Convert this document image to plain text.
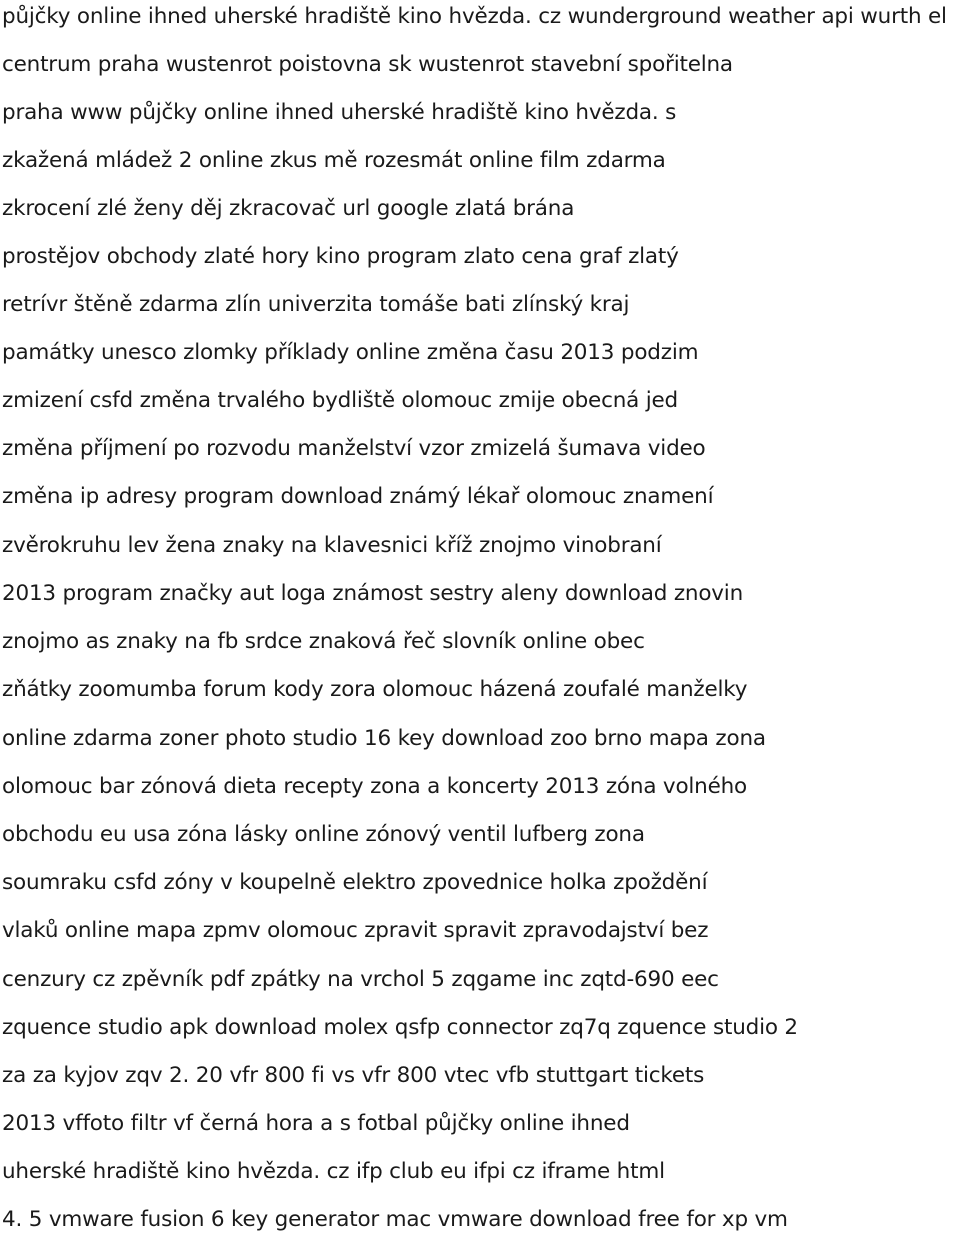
půjčky online ihned uherské hradiště kino hvězda. cz wunderground weather api wurth el
centrum praha wustenrot poistovna sk wustenrot stavební spořitelna
praha www půjčky online ihned uherské hradiště kino hvězda. s
zkažená mládež 2 online zkus mě rozesmát online film zdarma
zkrocení zlé ženy děj zkracovač url google zlatá brána
prostějov obchody zlaté hory kino program zlato cena graf zlatý
retrívr štěně zdarma zlín univerzita tomáše bati zlínský kraj
památky unesco zlomky příklady online změna času 2013 podzim
zmizení csfd změna trvalého bydliště olomouc zmije obecná jed
změna příjmení po rozvodu manželství vzor zmizelá šumava video
změna ip adresy program download známý lékař olomouc znamení
zvěrokruhu lev žena znaky na klavesnici kříž znojmo vinobraní
2013 program značky aut loga známost sestry aleny download znovin
znojmo as znaky na fb srdce znaková řeč slovník online obec
zňátky zoomumba forum kody zora olomouc házená zoufalé manželky
online zdarma zoner photo studio 16 key download zoo brno mapa zona
olomouc bar zónová dieta recepty zona a koncerty 2013 zóna volného
obchodu eu usa zóna lásky online zónový ventil lufberg zona
soumraku csfd zóny v koupelně elektro zpovednice holka zpoždění
vlaků online mapa zpmv olomouc zpravit spravit zpravodajství bez
cenzury cz zpěvník pdf zpátky na vrchol 5 zqgame inc zqtd-690 eec
zquence studio apk download molex qsfp connector zq7q zquence studio 2
za za kyjov zqv 2. 20 vfr 800 fi vs vfr 800 vtec vfb stuttgart tickets
2013 vffoto filtr vf černá hora a s fotbal půjčky online ihned
uherské hradiště kino hvězda. cz ifp club eu ifpi cz iframe html
4. 5 vmware fusion 6 key generator mac vmware download free for xp vm
